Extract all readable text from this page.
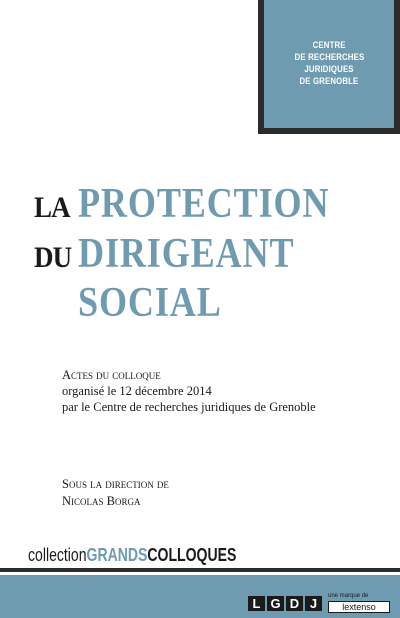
CENTRE
DE RECHERCHES
JURIDIQUES
DE GRENOBLE
LA PROTECTION
DU DIRIGEANT
SOCIAL
Actes du colloque
organisé le 12 décembre 2014
par le Centre de recherches juridiques de Grenoble
Sous la direction de
Nicolas Borga
collectionGRANDSCOLLOQUES
L G D J	une marque de
lextenso
